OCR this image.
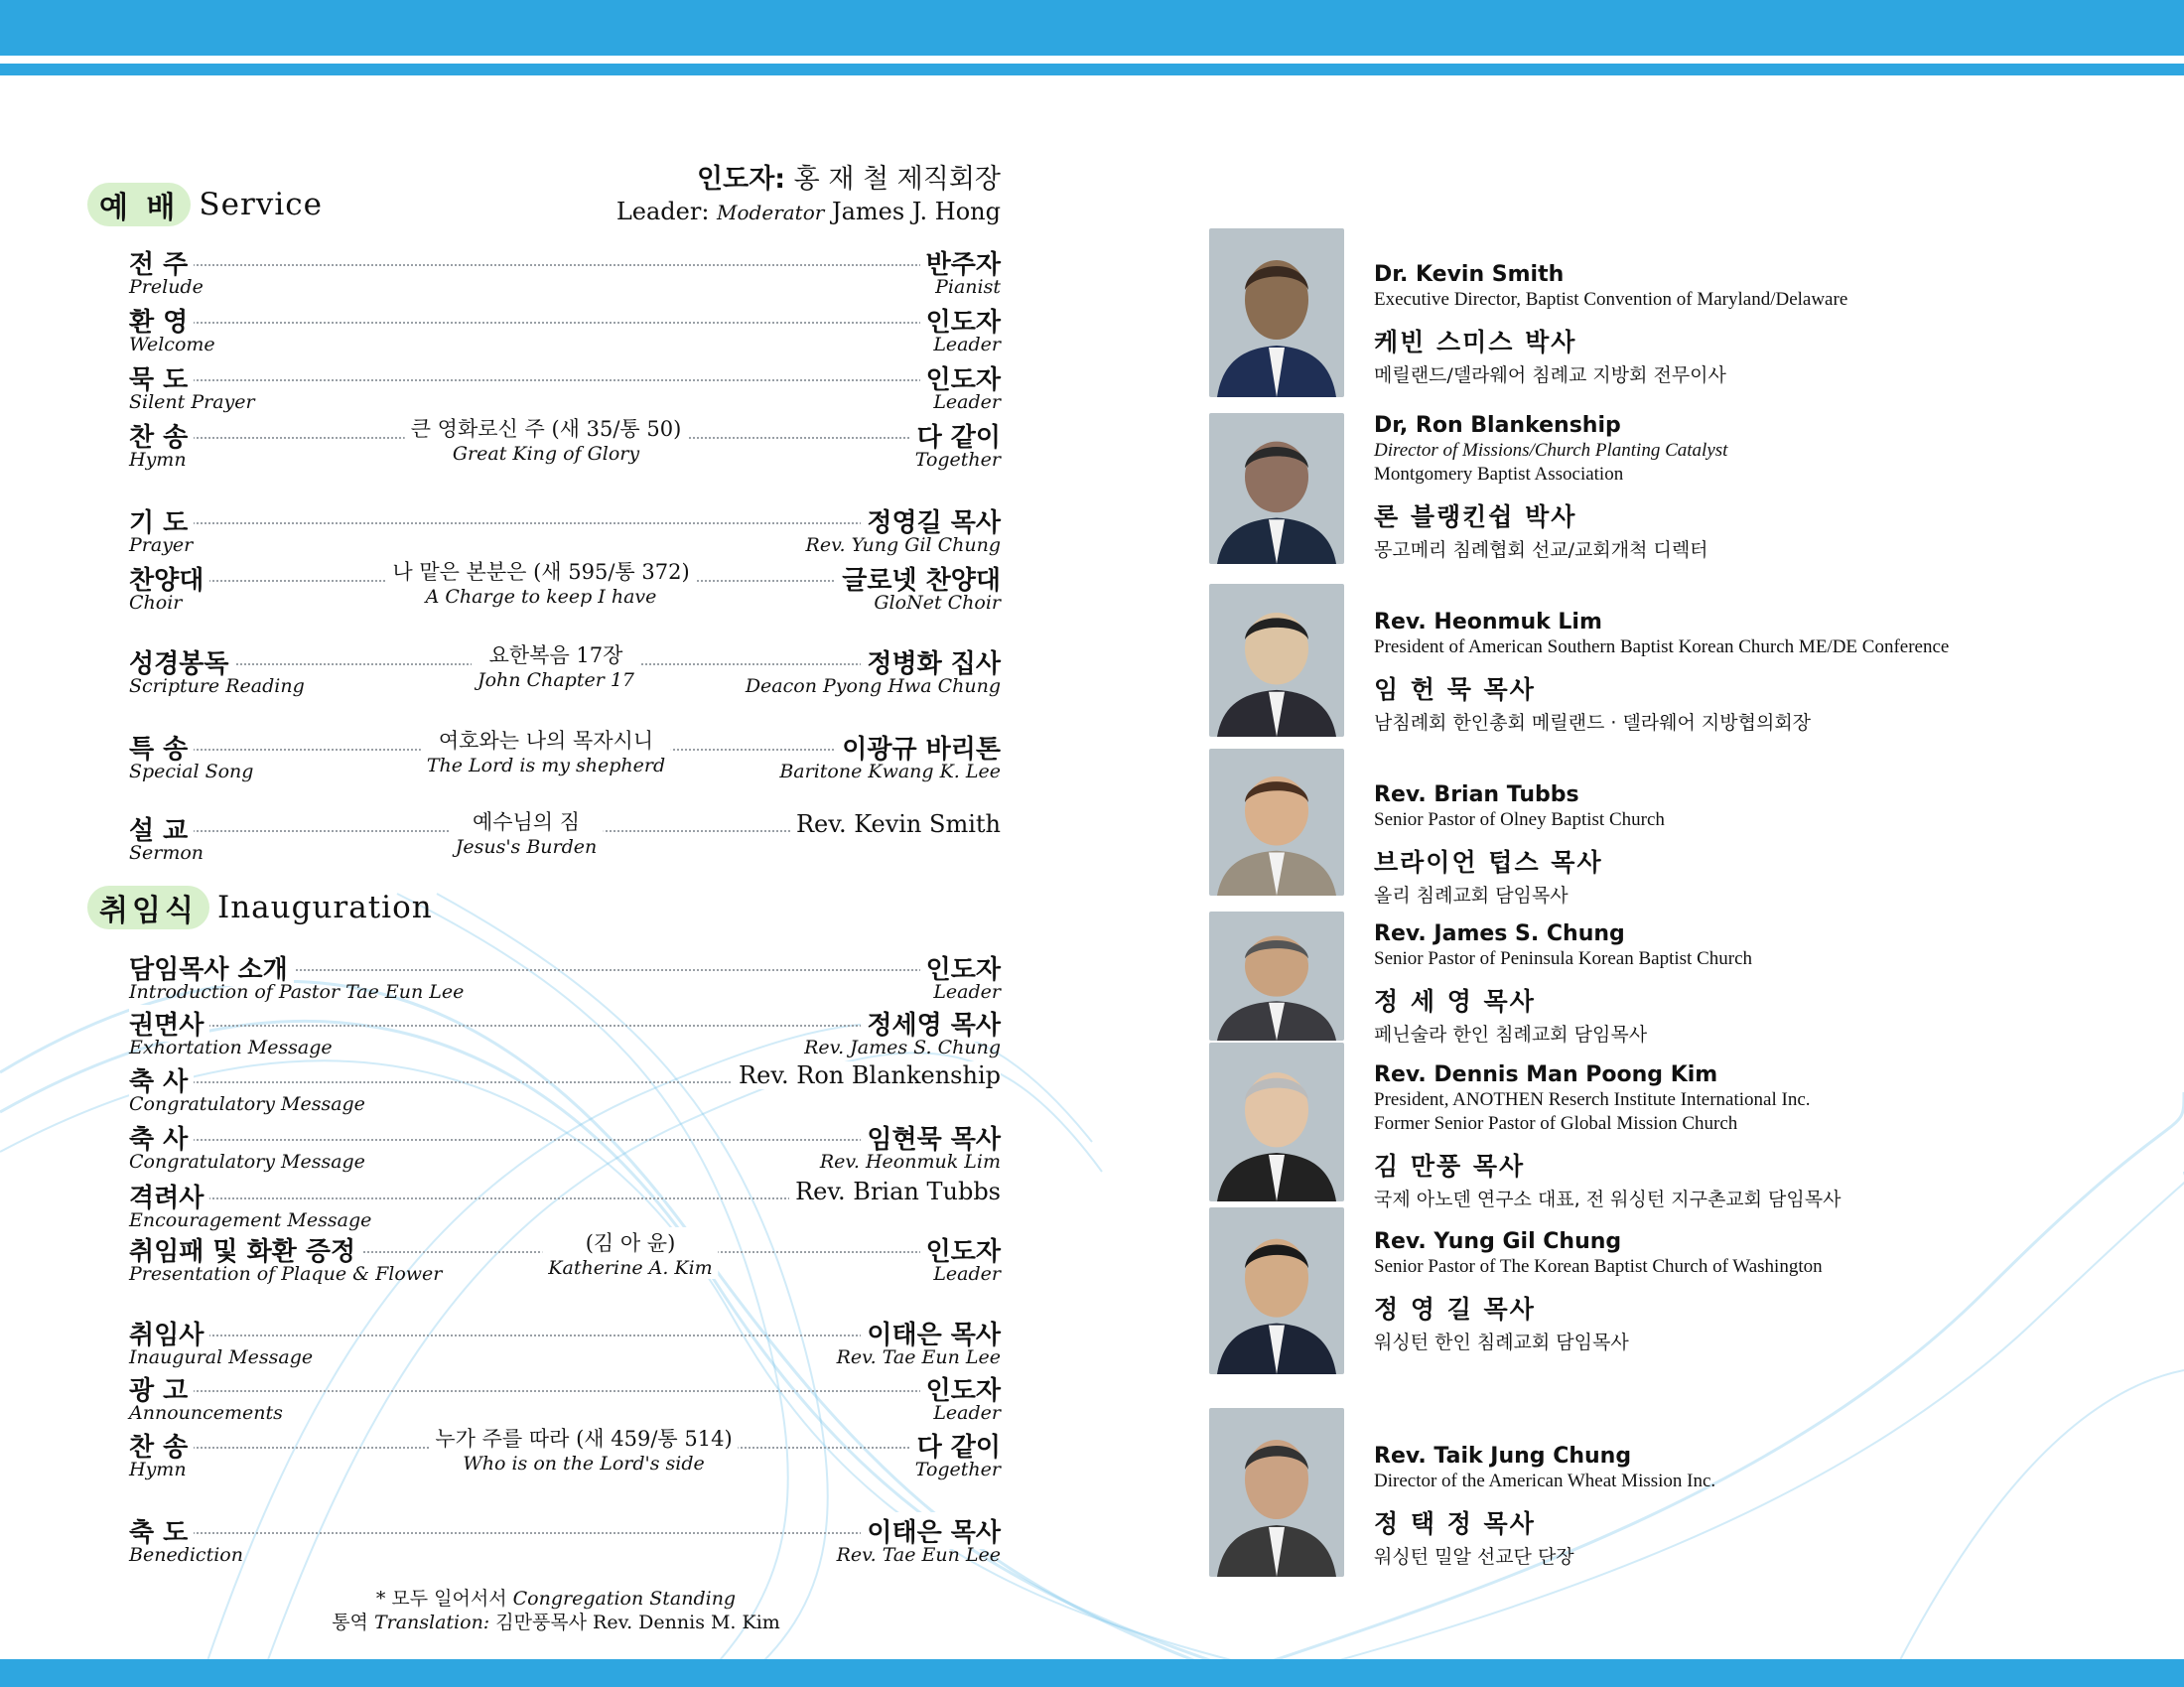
인도자: 홍 재 철 제직회장
Leader: Moderator James J. Hong
예 배 Service
전 주
Prelude
반주자
Pianist
환 영
Welcome
인도자
Leader
묵 도
Silent Prayer
인도자
Leader
찬 송
Hymn
다 같이
Together
큰 영화로신 주 (새 35/통 50)
Great King of Glory
기 도
Prayer
정영길 목사
Rev. Yung Gil Chung
찬양대
Choir
글로넷 찬양대
GloNet Choir
나 맡은 본분은 (새 595/통 372)
A Charge to keep I have
성경봉독
Scripture Reading
정병화 집사
Deacon Pyong Hwa Chung
요한복음 17장
John Chapter 17
특 송
Special Song
이광규 바리톤
Baritone Kwang K. Lee
여호와는 나의 목자시니
The Lord is my shepherd
설 교
Sermon
Rev. Kevin Smith
예수님의 짐
Jesus's Burden
취임식 Inauguration
담임목사 소개
Introduction of Pastor Tae Eun Lee
인도자
Leader
권면사
Exhortation Message
정세영 목사
Rev. James S. Chung
축 사
Congratulatory Message
Rev. Ron Blankenship
축 사
Congratulatory Message
임현묵 목사
Rev. Heonmuk Lim
격려사
Encouragement Message
Rev. Brian Tubbs
취임패 및 화환 증정
Presentation of Plaque & Flower
인도자
Leader
(김 아 윤)
Katherine A. Kim
취임사
Inaugural Message
이태은 목사
Rev. Tae Eun Lee
광 고
Announcements
인도자
Leader
찬 송
Hymn
다 같이
Together
누가 주를 따라 (새 459/통 514)
Who is on the Lord's side
축 도
Benediction
이태은 목사
Rev. Tae Eun Lee
* 모두 일어서서 Congregation Standing
통역 Translation: 김만풍목사 Rev. Dennis M. Kim
Dr. Kevin Smith
Executive Director, Baptist Convention of Maryland/Delaware
케빈 스미스 박사
메릴랜드/델라웨어 침례교 지방회 전무이사
Dr, Ron Blankenship
Director of Missions/Church Planting Catalyst
Montgomery Baptist Association
론 블랭킨쉽 박사
몽고메리 침례협회 선교/교회개척 디렉터
Rev. Heonmuk Lim
President of American Southern Baptist Korean Church ME/DE Conference
임 헌 묵 목사
남침례회 한인총회 메릴랜드 · 델라웨어 지방협의회장
Rev. Brian Tubbs
Senior Pastor of Olney Baptist Church
브라이언 텁스 목사
올리 침례교회 담임목사
Rev. James S. Chung
Senior Pastor of Peninsula Korean Baptist Church
정 세 영 목사
페닌술라 한인 침례교회 담임목사
Rev. Dennis Man Poong Kim
President, ANOTHEN Reserch Institute International Inc.
Former Senior Pastor of Global Mission Church
김 만풍 목사
국제 아노덴 연구소 대표, 전 워싱턴 지구촌교회 담임목사
Rev. Yung Gil Chung
Senior Pastor of The Korean Baptist Church of Washington
정 영 길 목사
워싱턴 한인 침례교회 담임목사
Rev. Taik Jung Chung
Director of the American Wheat Mission Inc.
정 택 정 목사
워싱턴 밀알 선교단 단장
